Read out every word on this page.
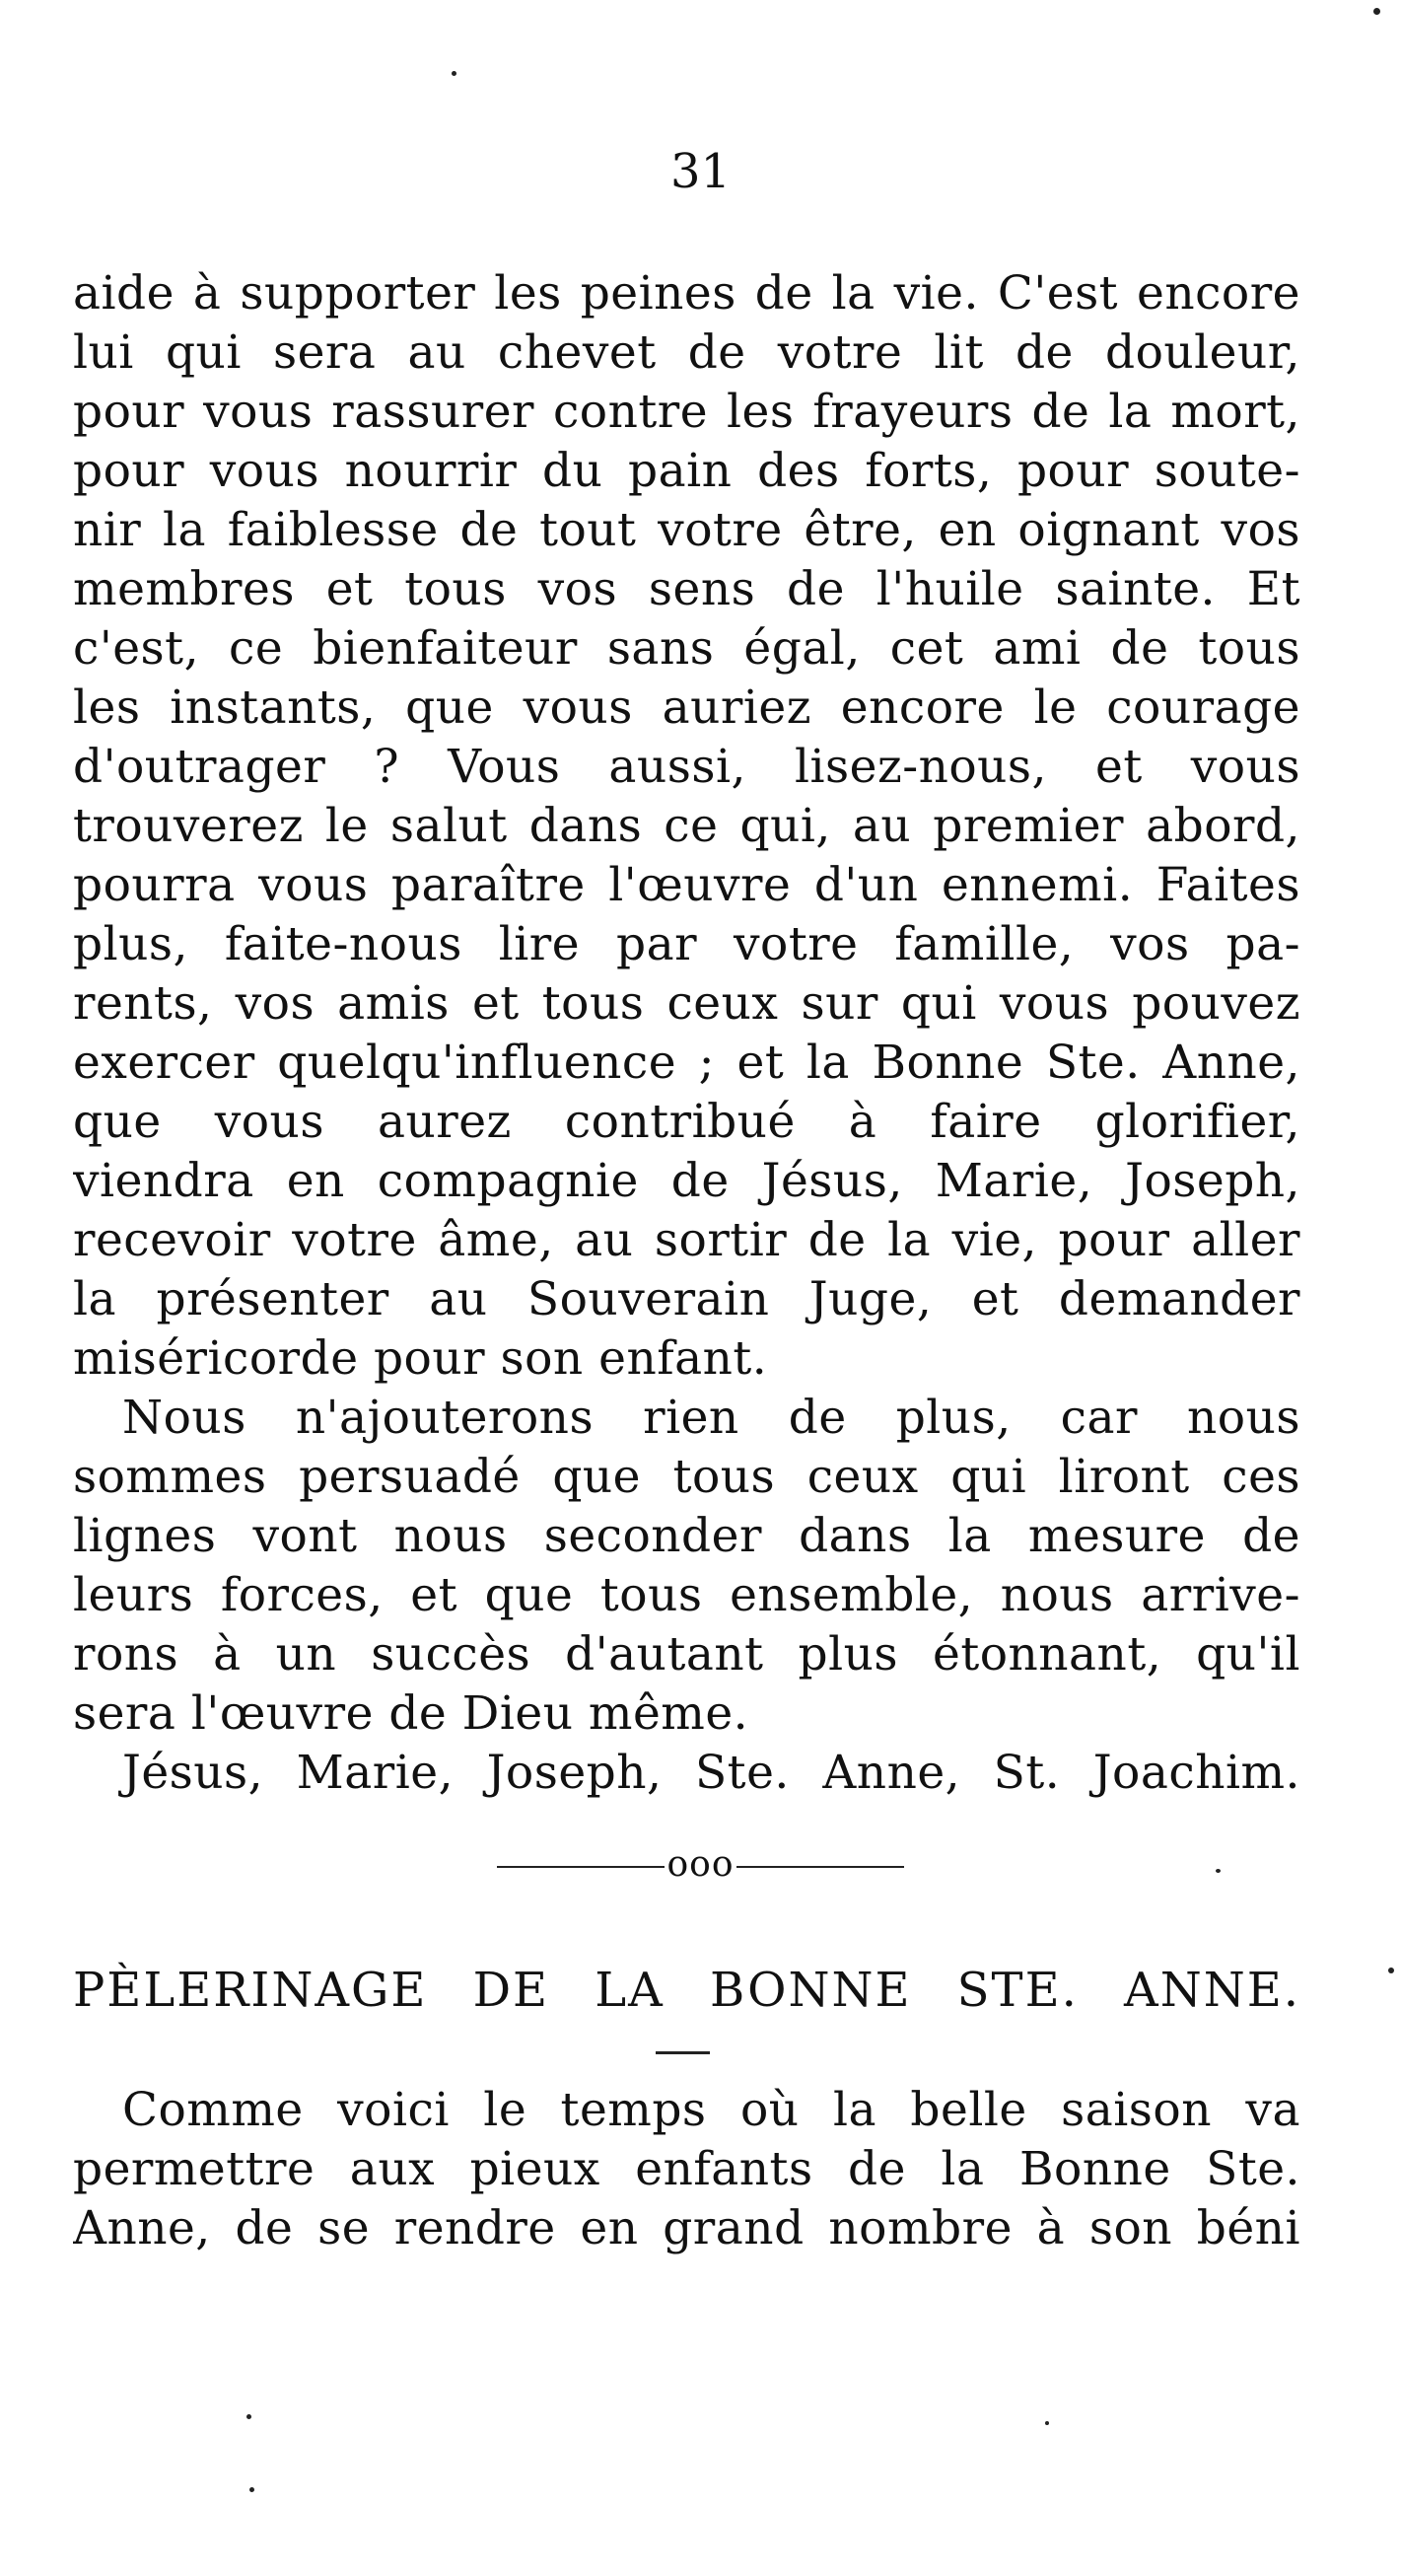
31
aide à supporter les peines de la vie. C'est encore
lui qui sera au chevet de votre lit de douleur,
pour vous rassurer contre les frayeurs de la mort,
pour vous nourrir du pain des forts, pour soute-
nir la faiblesse de tout votre être, en oignant vos
membres et tous vos sens de l'huile sainte. Et
c'est, ce bienfaiteur sans égal, cet ami de tous
les instants, que vous auriez encore le courage
d'outrager ? Vous aussi, lisez-nous, et vous
trouverez le salut dans ce qui, au premier abord,
pourra vous paraître l'œuvre d'un ennemi. Faites
plus, faite-nous lire par votre famille, vos pa-
rents, vos amis et tous ceux sur qui vous pouvez
exercer quelqu'influence ; et la Bonne Ste. Anne,
que vous aurez contribué à faire glorifier,
viendra en compagnie de Jésus, Marie, Joseph,
recevoir votre âme, au sortir de la vie, pour aller
la présenter au Souverain Juge, et demander
miséricorde pour son enfant.
Nous n'ajouterons rien de plus, car nous
sommes persuadé que tous ceux qui liront ces
lignes vont nous seconder dans la mesure de
leurs forces, et que tous ensemble, nous arrive-
rons à un succès d'autant plus étonnant, qu'il
sera l'œuvre de Dieu même.
Jésus, Marie, Joseph, Ste. Anne, St. Joachim.
ooo
PÈLERINAGE DE LA BONNE STE. ANNE.
Comme voici le temps où la belle saison va
permettre aux pieux enfants de la Bonne Ste.
Anne, de se rendre en grand nombre à son béni
